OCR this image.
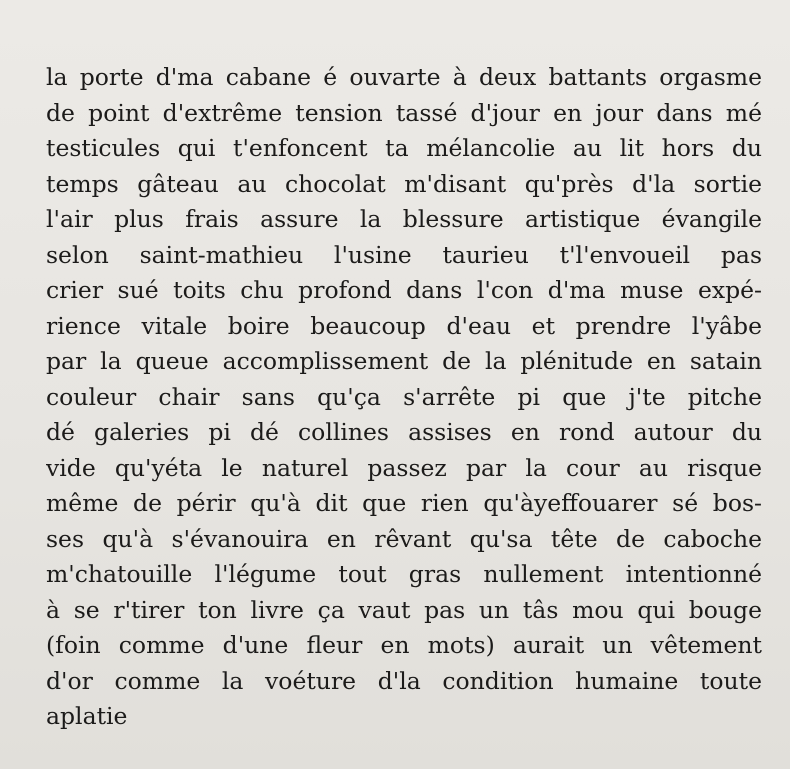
la porte d'ma cabane é ouvarte à deux battants orgasme
de point d'extrême tension tassé d'jour en jour dans mé
testicules qui t'enfoncent ta mélancolie au lit hors du
temps gâteau au chocolat m'disant qu'près d'la sortie
l'air plus frais assure la blessure artistique évangile
selon saint-mathieu l'usine taurieu t'l'envoueil pas
crier sué toits chu profond dans l'con d'ma muse expé-
rience vitale boire beaucoup d'eau et prendre l'yâbe
par la queue accomplissement de la plénitude en satain
couleur chair sans qu'ça s'arrête pi que j'te pitche
dé galeries pi dé collines assises en rond autour du
vide qu'yéta le naturel passez par la cour au risque
même de périr qu'à dit que rien qu'àyeffouarer sé bos-
ses qu'à s'évanouira en rêvant qu'sa tête de caboche
m'chatouille l'légume tout gras nullement intentionné
à se r'tirer ton livre ça vaut pas un tâs mou qui bouge
(foin comme d'une fleur en mots) aurait un vêtement
d'or comme la voéture d'la condition humaine toute
aplatie
